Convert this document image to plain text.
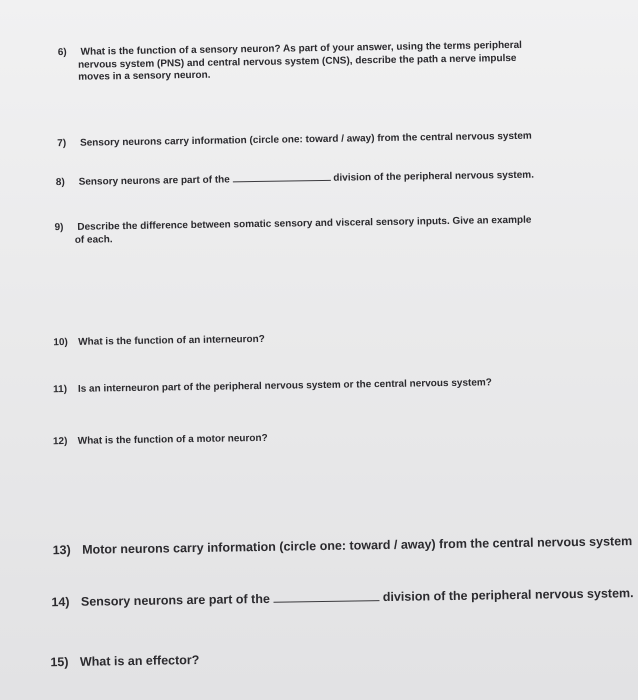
6) What is the function of a sensory neuron? As part of your answer, using the terms peripheral
nervous system (PNS) and central nervous system (CNS), describe the path a nerve impulse
moves in a sensory neuron.
7) Sensory neurons carry information (circle one: toward / away) from the central nervous system
8) Sensory neurons are part of the	division of the peripheral nervous system.
9) Describe the difference between somatic sensory and visceral sensory inputs. Give an example
of each.
10) What is the function of an interneuron?
11) Is an interneuron part of the peripheral nervous system or the central nervous system?
12) What is the function of a motor neuron?
13) Motor neurons carry information (circle one: toward / away) from the central nervous system
14) Sensory neurons are part of the	division of the peripheral nervous system.
15) What is an effector?
